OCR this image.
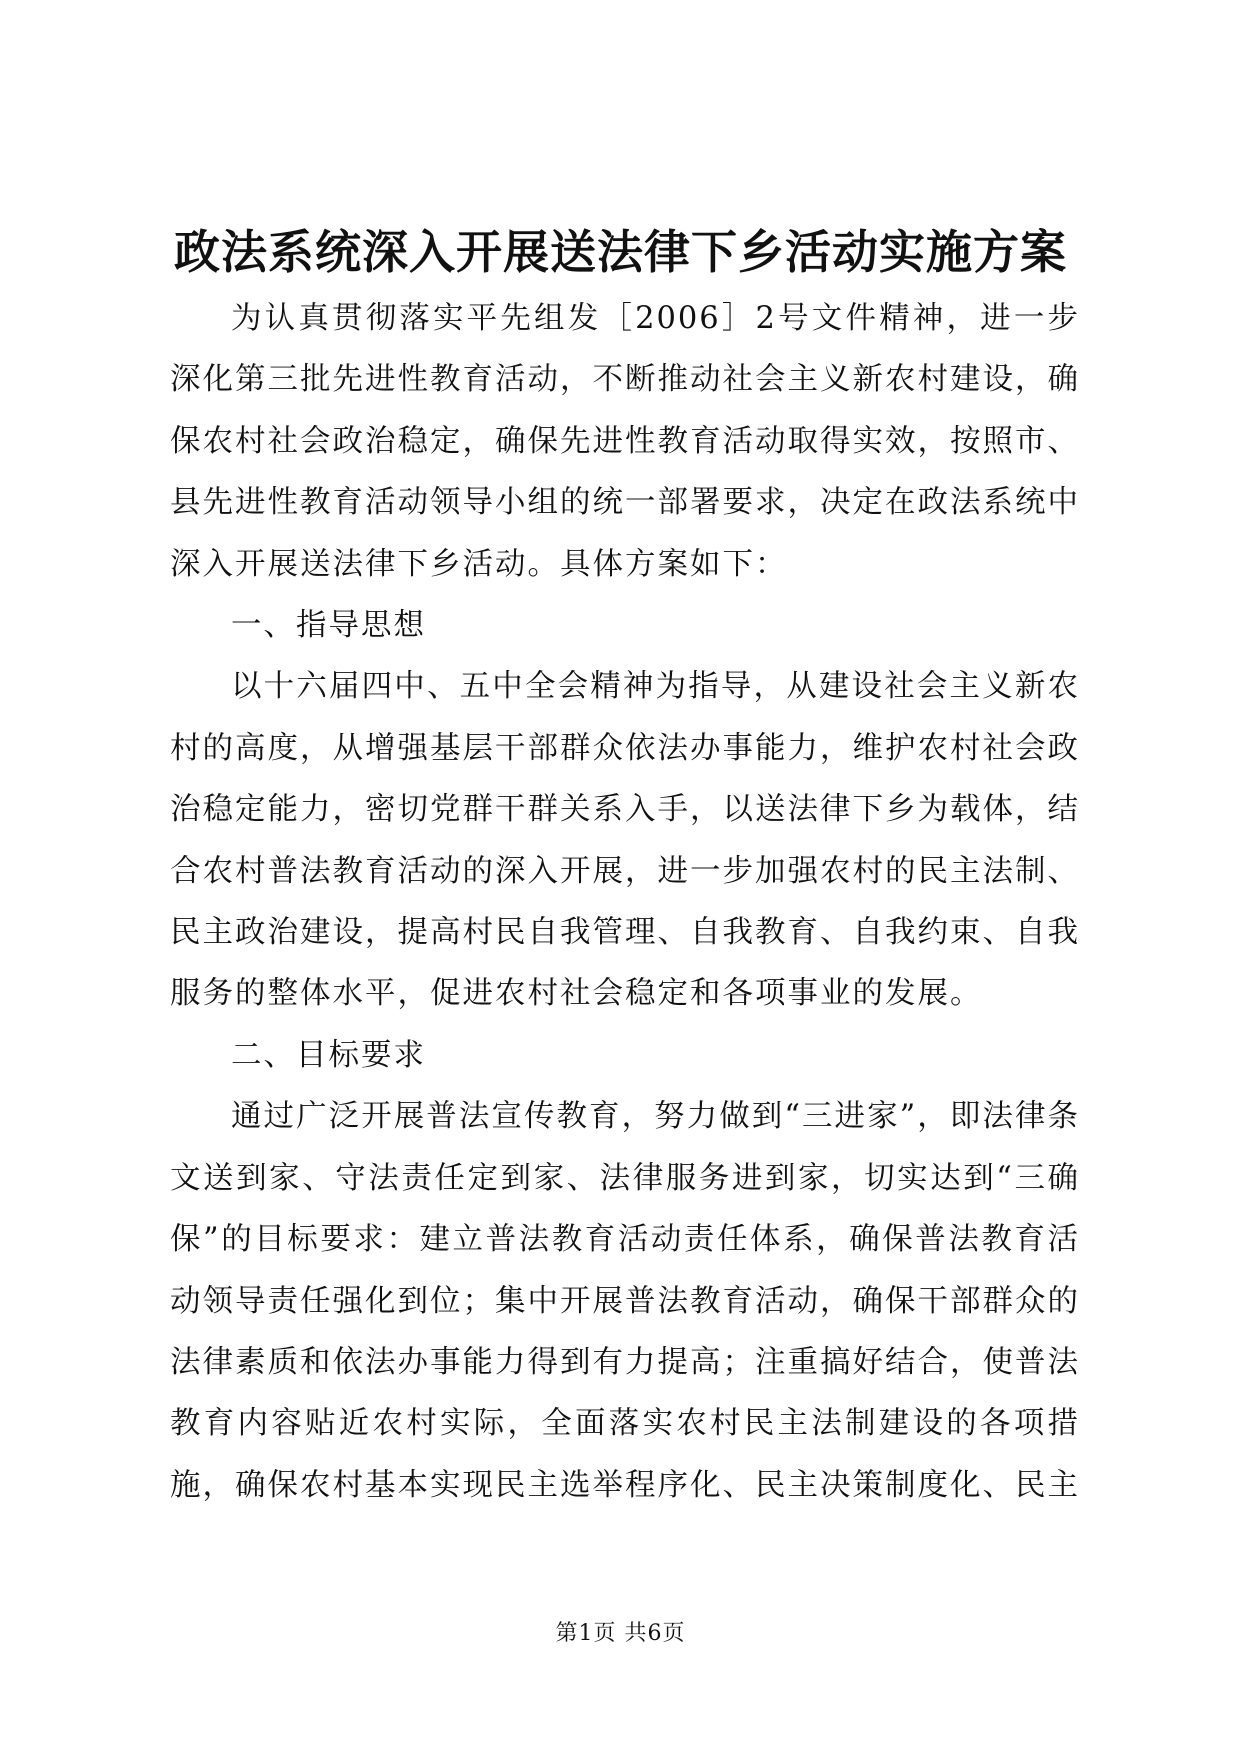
政法系统深入开展送法律下乡活动实施方案

为认真贯彻落实平先组发［2006］2号文件精神，进一步深化第三批先进性教育活动，不断推动社会主义新农村建设，确保农村社会政治稳定，确保先进性教育活动取得实效，按照市、县先进性教育活动领导小组的统一部署要求，决定在政法系统中深入开展送法律下乡活动。具体方案如下：

一、指导思想

以十六届四中、五中全会精神为指导，从建设社会主义新农村的高度，从增强基层干部群众依法办事能力，维护农村社会政治稳定能力，密切党群干群关系入手，以送法律下乡为载体，结合农村普法教育活动的深入开展，进一步加强农村的民主法制、民主政治建设，提高村民自我管理、自我教育、自我约束、自我服务的整体水平，促进农村社会稳定和各项事业的发展。

二、目标要求

通过广泛开展普法宣传教育，努力做到“三进家”，即法律条文送到家、守法责任定到家、法律服务进到家，切实达到“三确保”的目标要求：建立普法教育活动责任体系，确保普法教育活动领导责任强化到位；集中开展普法教育活动，确保干部群众的法律素质和依法办事能力得到有力提高；注重搞好结合，使普法教育内容贴近农村实际，全面落实农村民主法制建设的各项措施，确保农村基本实现民主选举程序化、民主决策制度化、民主

第1页 共6页
